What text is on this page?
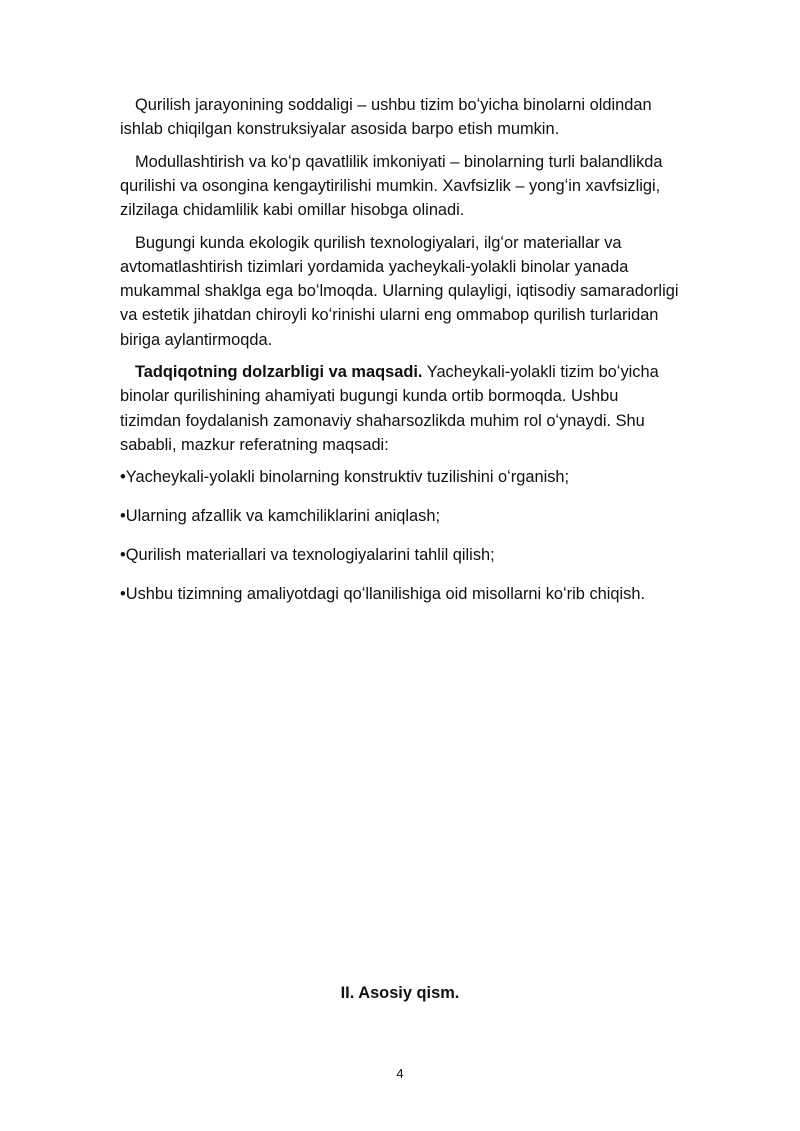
Qurilish jarayonining soddaligi – ushbu tizim boʻyicha binolarni oldindan ishlab chiqilgan konstruksiyalar asosida barpo etish mumkin.

Modullashtirish va koʻp qavatlilik imkoniyati – binolarning turli balandlikda qurilishi va osongina kengaytirilishi mumkin. Xavfsizlik – yongʻin xavfsizligi, zilzilaga chidamlilik kabi omillar hisobga olinadi.

Bugungi kunda ekologik qurilish texnologiyalari, ilgʻor materiallar va avtomatlashtirish tizimlari yordamida yacheykali-yolakli binolar yanada mukammal shaklga ega boʻlmoqda. Ularning qulayligi, iqtisodiy samaradorligi va estetik jihatdan chiroyli koʻrinishi ularni eng ommabop qurilish turlaridan biriga aylantirmoqda.

Tadqiqotning dolzarbligi va maqsadi. Yacheykali-yolakli tizim boʻyicha binolar qurilishining ahamiyati bugungi kunda ortib bormoqda. Ushbu tizimdan foydalanish zamonaviy shaharsozlikda muhim rol oʻynaydi. Shu sababli, mazkur referatning maqsadi:

•Yacheykali-yolakli binolarning konstruktiv tuzilishini oʻrganish;

•Ularning afzallik va kamchiliklarini aniqlash;

•Qurilish materiallari va texnologiyalarini tahlil qilish;

•Ushbu tizimning amaliyotdagi qoʻllanilishiga oid misollarni koʻrib chiqish.

II. Asosiy qism.

4
